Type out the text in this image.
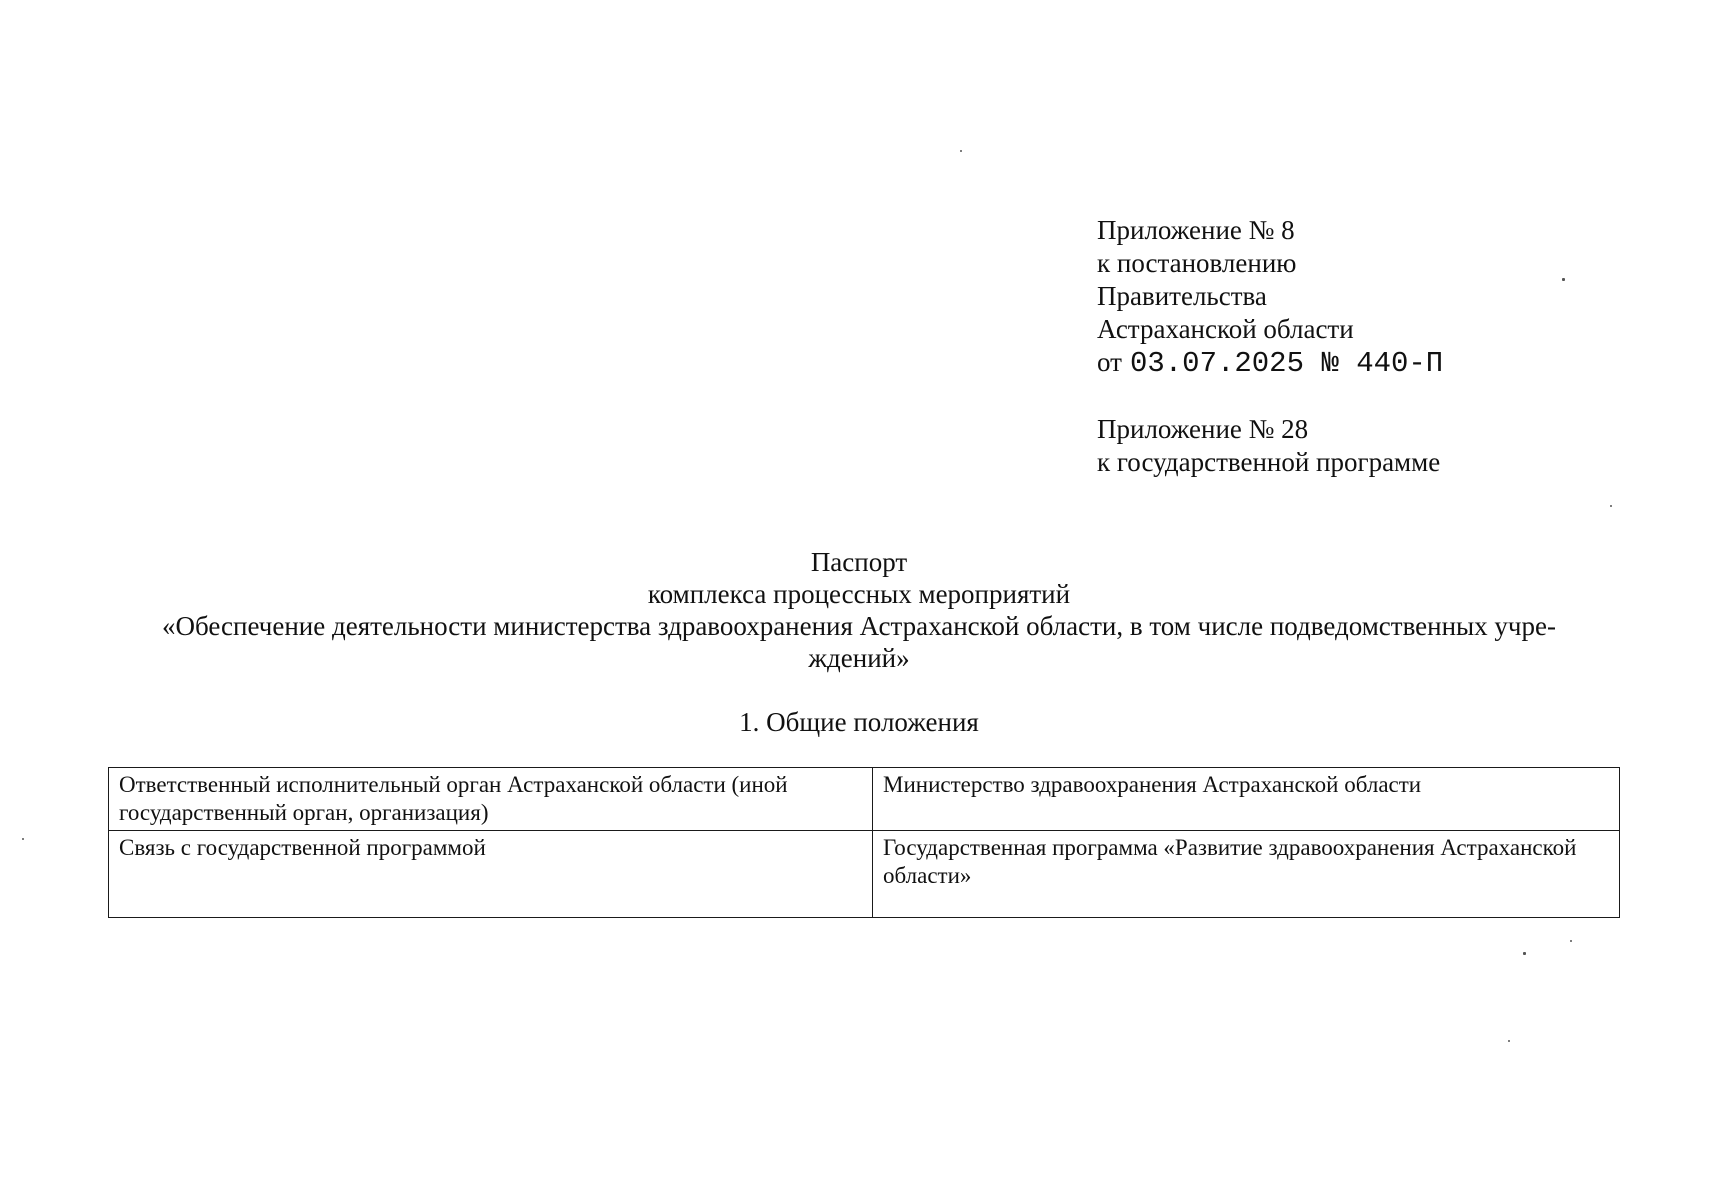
Приложение № 8
к постановлению
Правительства
Астраханской области
от 03.07.2025 № 440-П
Приложение № 28
к государственной программе
Паспорт
комплекса процессных мероприятий
«Обеспечение деятельности министерства здравоохранения Астраханской области, в том числе подведомственных учре-
ждений»
1. Общие положения
Ответственный исполнительный орган Астраханской области (иной государственный орган, организация)	Министерство здравоохранения Астраханской области
Связь с государственной программой	Государственная программа «Развитие здравоохранения Астраханской области»
